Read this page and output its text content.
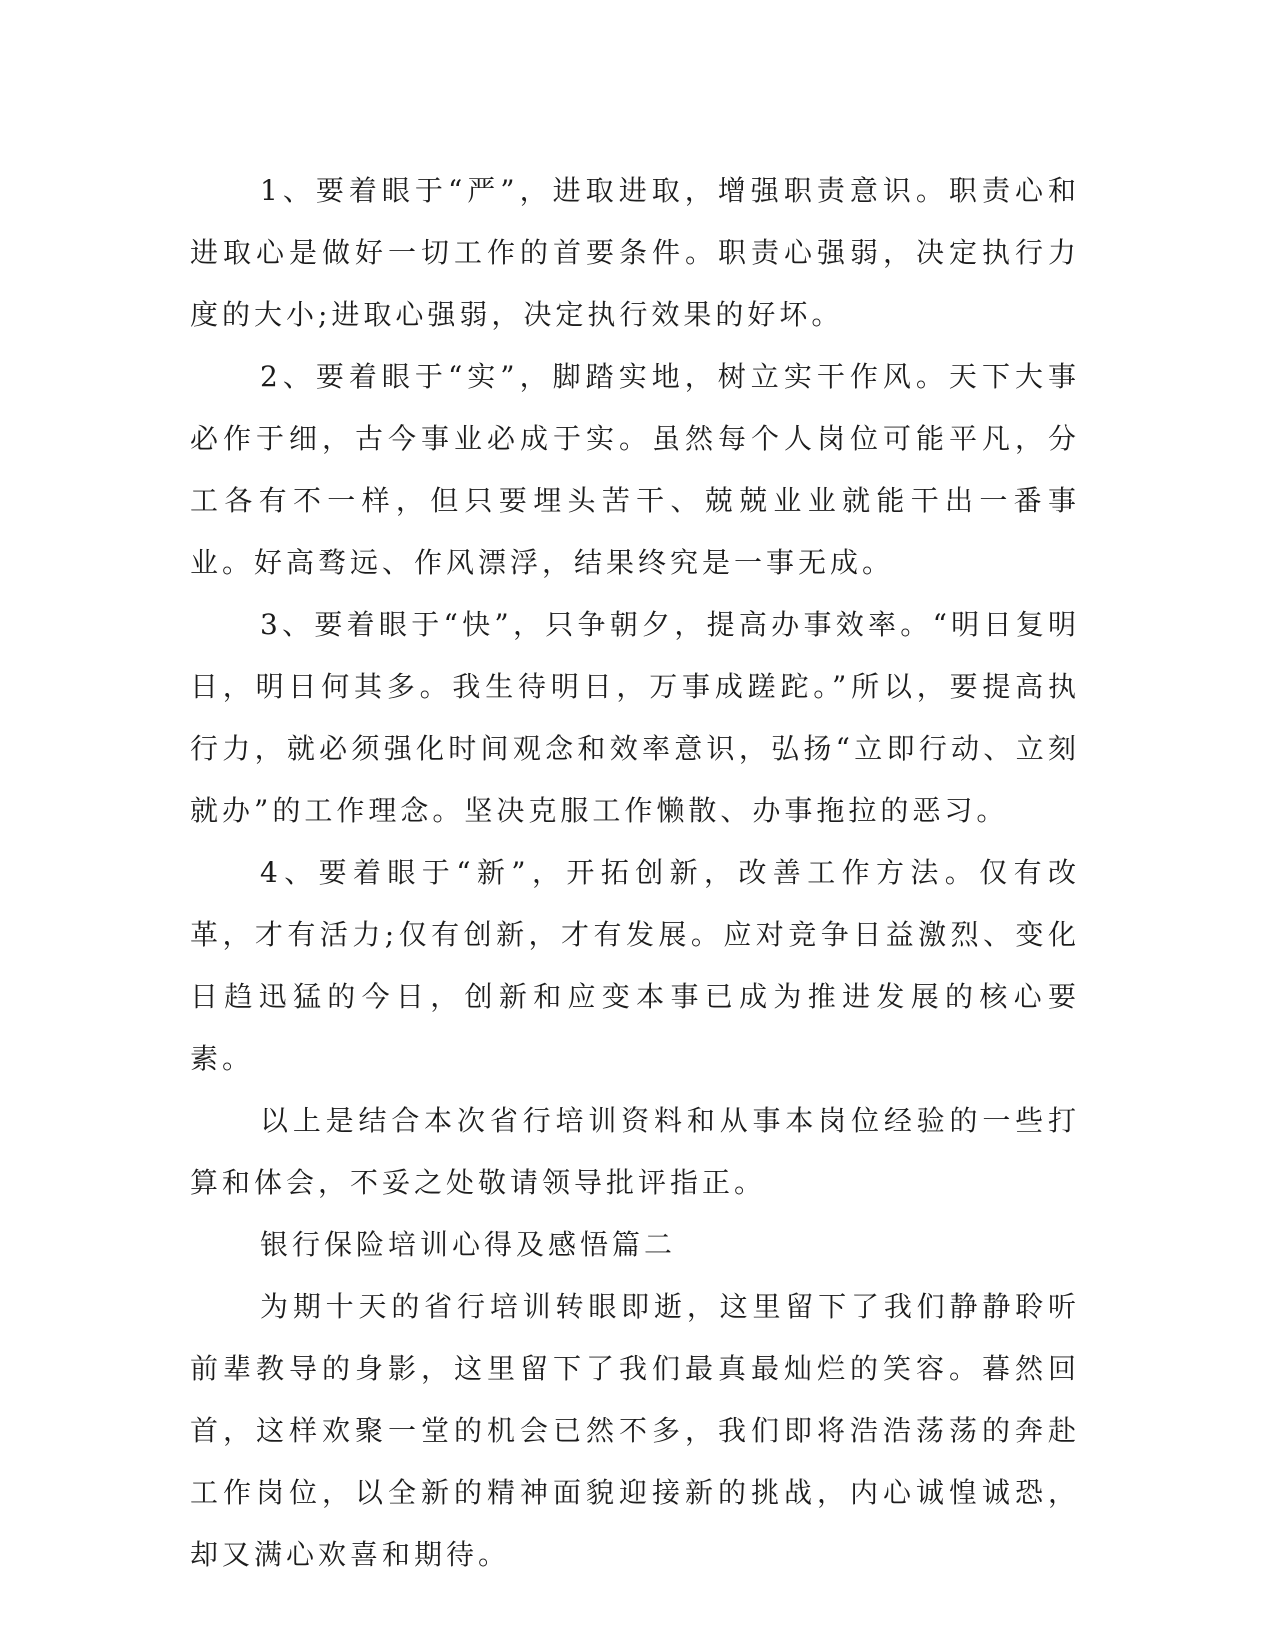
1、要着眼于“严”，进取进取，增强职责意识。职责心和进取心是做好一切工作的首要条件。职责心强弱，决定执行力度的大小;进取心强弱，决定执行效果的好坏。

2、要着眼于“实”，脚踏实地，树立实干作风。天下大事必作于细，古今事业必成于实。虽然每个人岗位可能平凡，分工各有不一样，但只要埋头苦干、兢兢业业就能干出一番事业。好高骛远、作风漂浮，结果终究是一事无成。

3、要着眼于“快”，只争朝夕，提高办事效率。“明日复明日，明日何其多。我生待明日，万事成蹉跎。”所以，要提高执行力，就必须强化时间观念和效率意识，弘扬“立即行动、立刻就办”的工作理念。坚决克服工作懒散、办事拖拉的恶习。

4、要着眼于“新”，开拓创新，改善工作方法。仅有改革，才有活力;仅有创新，才有发展。应对竞争日益激烈、变化日趋迅猛的今日，创新和应变本事已成为推进发展的核心要素。

以上是结合本次省行培训资料和从事本岗位经验的一些打算和体会，不妥之处敬请领导批评指正。

银行保险培训心得及感悟篇二

为期十天的省行培训转眼即逝，这里留下了我们静静聆听前辈教导的身影，这里留下了我们最真最灿烂的笑容。暮然回首，这样欢聚一堂的机会已然不多，我们即将浩浩荡荡的奔赴工作岗位，以全新的精神面貌迎接新的挑战，内心诚惶诚恐，却又满心欢喜和期待。
